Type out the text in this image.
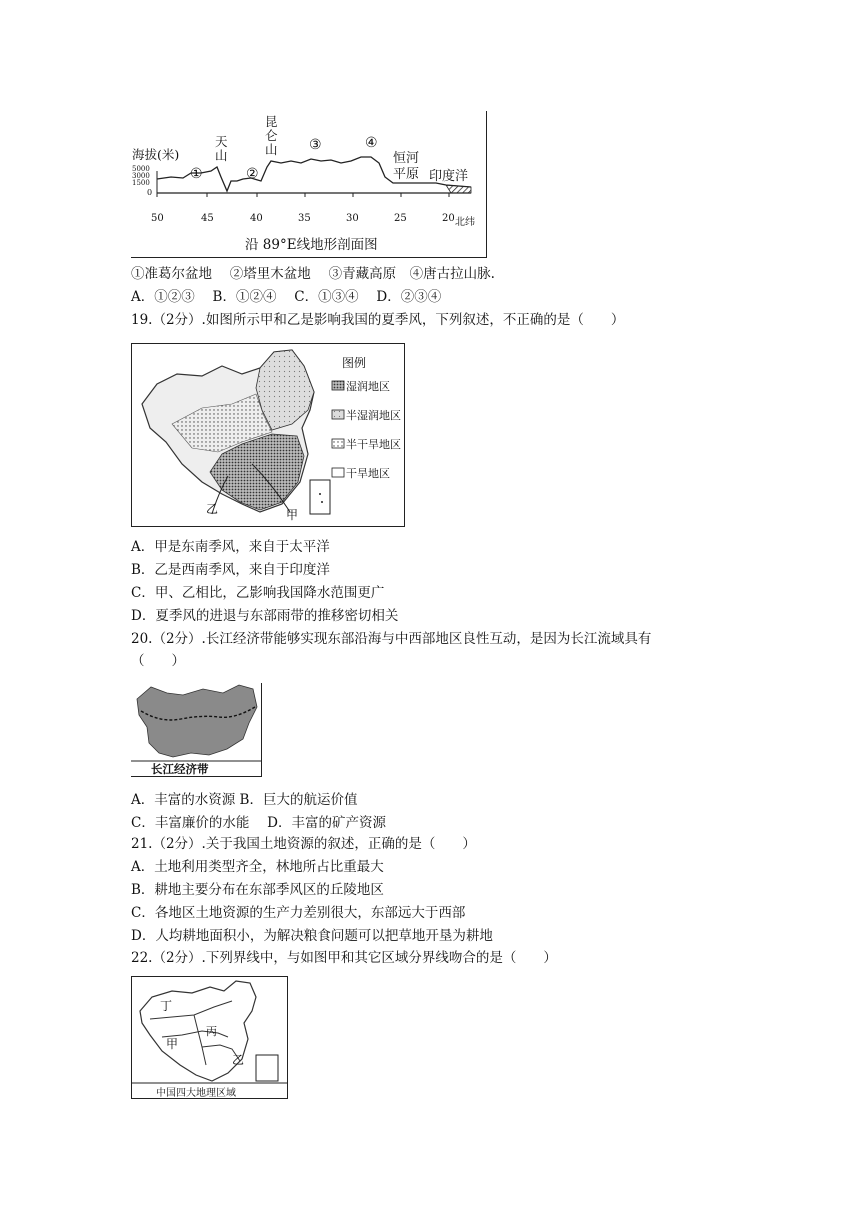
海拔(米)
5000
3000
1500
0
天
山
昆
仑
山
①	②
③	④
恒河
平原 印度洋
50	45	40	35	30	25	20 北纬
沿 89°E线地形剖面图
①准葛尔盆地　 ②塔里木盆地　 ③青藏高原　④唐古拉山脉.
A．①②③　 B．①②④　 C．①③④　 D．②③④
19.（2分）.如图所示甲和乙是影响我国的夏季风，下列叙述，不正确的是（　　）
图例
湿润地区
半湿润地区
半干旱地区
干旱地区
甲
乙
A．甲是东南季风，来自于太平洋
B．乙是西南季风，来自于印度洋
C．甲、乙相比，乙影响我国降水范围更广
D．夏季风的进退与东部雨带的推移密切相关
20.（2分）.长江经济带能够实现东部沿海与中西部地区良性互动，是因为长江流域具有
（　　）
长江经济带
A．丰富的水资源 B．巨大的航运价值
C．丰富廉价的水能　 D．丰富的矿产资源
21.（2分）.关于我国土地资源的叙述，正确的是（　　）
A．土地利用类型齐全，林地所占比重最大
B．耕地主要分布在东部季风区的丘陵地区
C．各地区土地资源的生产力差别很大，东部远大于西部
D．人均耕地面积小，为解决粮食问题可以把草地开垦为耕地
22.（2分）.下列界线中，与如图甲和其它区域分界线吻合的是（　　）
丁
甲
丙
乙
中国四大地理区域
